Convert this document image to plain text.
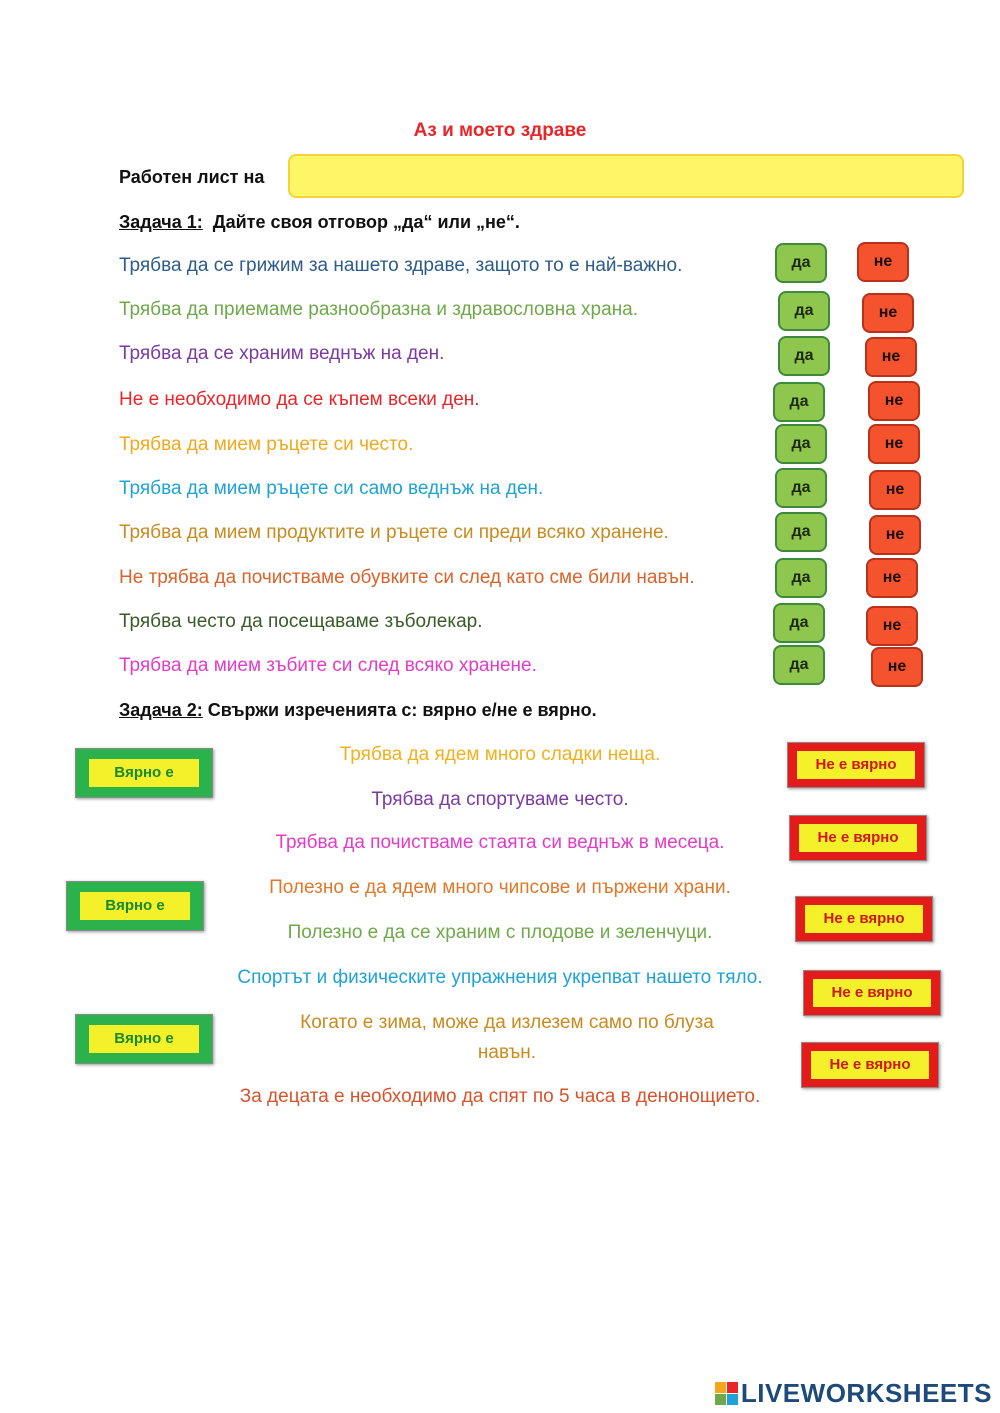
Аз и моето здраве
Работен лист на
Задача 1:  Дайте своя отговор „да“ или „не“.
Трябва да се грижим за нашето здраве, защото то е най-важно.	да	не
Трябва да приемаме разнообразна и здравословна храна.	да	не
Трябва да се храним веднъж на ден.	да	не
Не е необходимо да се къпем всеки ден.	да	не
Трябва да мием ръцете си често.	да	не
Трябва да мием ръцете си само веднъж на ден.	да	не
Трябва да мием продуктите и ръцете си преди всяко хранене.	да	не
Не трябва да почистваме обувките си след като сме били навън.	да	не
Трябва често да посещаваме зъболекар.	да	не
Трябва да мием зъбите си след всяко хранене.	да	не
Задача 2: Свържи изреченията с: вярно е/не е вярно.
Трябва да ядем много сладки неща.
Трябва да спортуваме често.
Трябва да почистваме стаята си веднъж в месеца.
Полезно е да ядем много чипсове и пържени храни.
Полезно е да се храним с плодове и зеленчуци.
Спортът и физическите упражнения укрепват нашето тяло.
Когато е зима, може да излезем само по блуза
навън.
За децата е необходимо да спят по 5 часа в денонощието.
Вярно е
Вярно е
Вярно е
Не е вярно
Не е вярно
Не е вярно
Не е вярно
Не е вярно
LIVEWORKSHEETS
